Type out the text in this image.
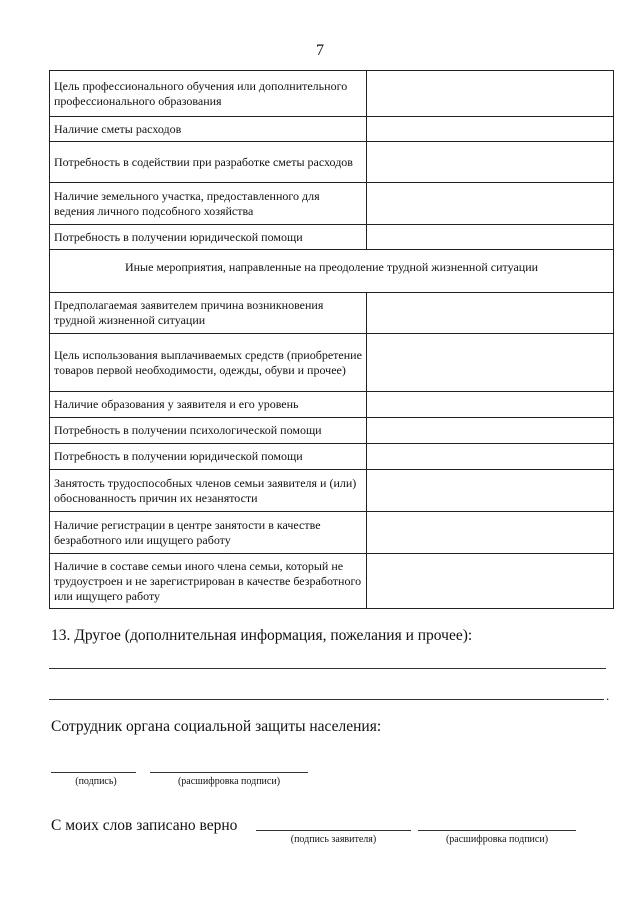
7
Цель профессионального обучения или дополнительного профессионального образования	
Наличие сметы расходов	
Потребность в содействии при разработке сметы расходов	
Наличие земельного участка, предоставленного для ведения личного подсобного хозяйства	
Потребность в получении юридической помощи	
Иные мероприятия, направленные на преодоление трудной жизненной ситуации	
Предполагаемая заявителем причина возникновения трудной жизненной ситуации	
Цель использования выплачиваемых средств (приобретение товаров первой необходимости, одежды, обуви и прочее)	
Наличие образования у заявителя и его уровень	
Потребность в получении психологической помощи	
Потребность в получении юридической помощи	
Занятость трудоспособных членов семьи заявителя и (или) обоснованность причин их незанятости	
Наличие регистрации в центре занятости в качестве безработного или ищущего работу	
Наличие в составе семьи иного члена семьи, который не трудоустроен и не зарегистрирован в качестве безработного или ищущего работу	
13. Другое (дополнительная информация, пожелания и прочее):
.
Сотрудник органа социальной защиты населения:
(подпись)	(расшифровка подписи)
С моих слов записано верно
(подпись заявителя)	(расшифровка подписи)
